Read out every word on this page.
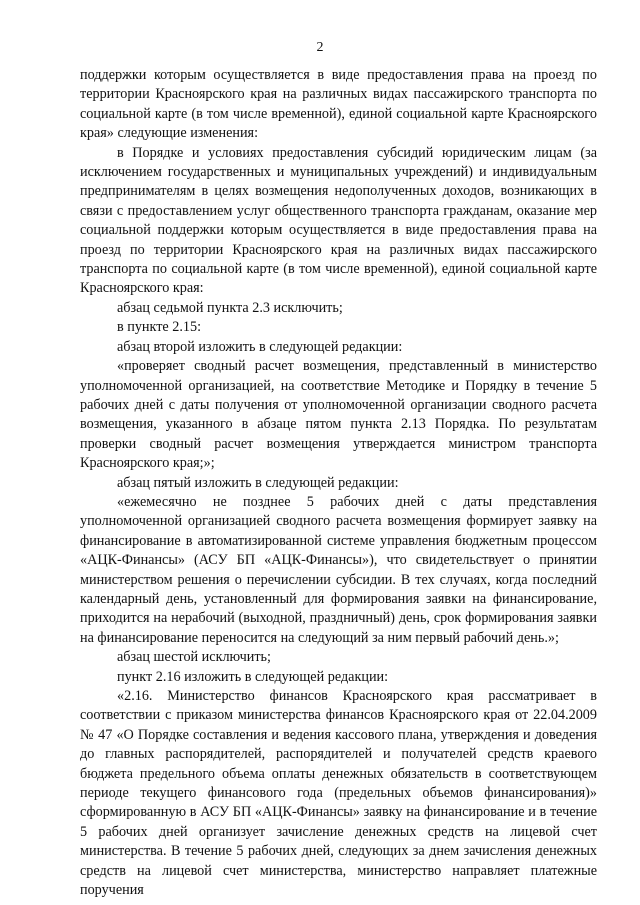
2

поддержки которым осуществляется в виде предоставления права на проезд по территории Красноярского края на различных видах пассажирского транспорта по социальной карте (в том числе временной), единой социальной карте Красноярского края» следующие изменения:

в Порядке и условиях предоставления субсидий юридическим лицам (за исключением государственных и муниципальных учреждений) и индивидуальным предпринимателям в целях возмещения недополученных доходов, возникающих в связи с предоставлением услуг общественного транспорта гражданам, оказание мер социальной поддержки которым осуществляется в виде предоставления права на проезд по территории Красноярского края на различных видах пассажирского транспорта по социальной карте (в том числе временной), единой социальной карте Красноярского края:

абзац седьмой пункта 2.3 исключить;

в пункте 2.15:

абзац второй изложить в следующей редакции:

«проверяет сводный расчет возмещения, представленный в министерство уполномоченной организацией, на соответствие Методике и Порядку в течение 5 рабочих дней с даты получения от уполномоченной организации сводного расчета возмещения, указанного в абзаце пятом пункта 2.13 Порядка. По результатам проверки сводный расчет возмещения утверждается министром транспорта Красноярского края;»;

абзац пятый изложить в следующей редакции:

«ежемесячно не позднее 5 рабочих дней с даты представления уполномоченной организацией сводного расчета возмещения формирует заявку на финансирование в автоматизированной системе управления бюджетным процессом «АЦК-Финансы» (АСУ БП «АЦК-Финансы»), что свидетельствует о принятии министерством решения о перечислении субсидии. В тех случаях, когда последний календарный день, установленный для формирования заявки на финансирование, приходится на нерабочий (выходной, праздничный) день, срок формирования заявки на финансирование переносится на следующий за ним первый рабочий день.»;

абзац шестой исключить;

пункт 2.16 изложить в следующей редакции:

«2.16. Министерство финансов Красноярского края рассматривает в соответствии с приказом министерства финансов Красноярского края от 22.04.2009 № 47 «О Порядке составления и ведения кассового плана, утверждения и доведения до главных распорядителей, распорядителей и получателей средств краевого бюджета предельного объема оплаты денежных обязательств в соответствующем периоде текущего финансового года (предельных объемов финансирования)» сформированную в АСУ БП «АЦК-Финансы» заявку на финансирование и в течение 5 рабочих дней организует зачисление денежных средств на лицевой счет министерства. В течение 5 рабочих дней, следующих за днем зачисления денежных средств на лицевой счет министерства, министерство направляет платежные поручения
